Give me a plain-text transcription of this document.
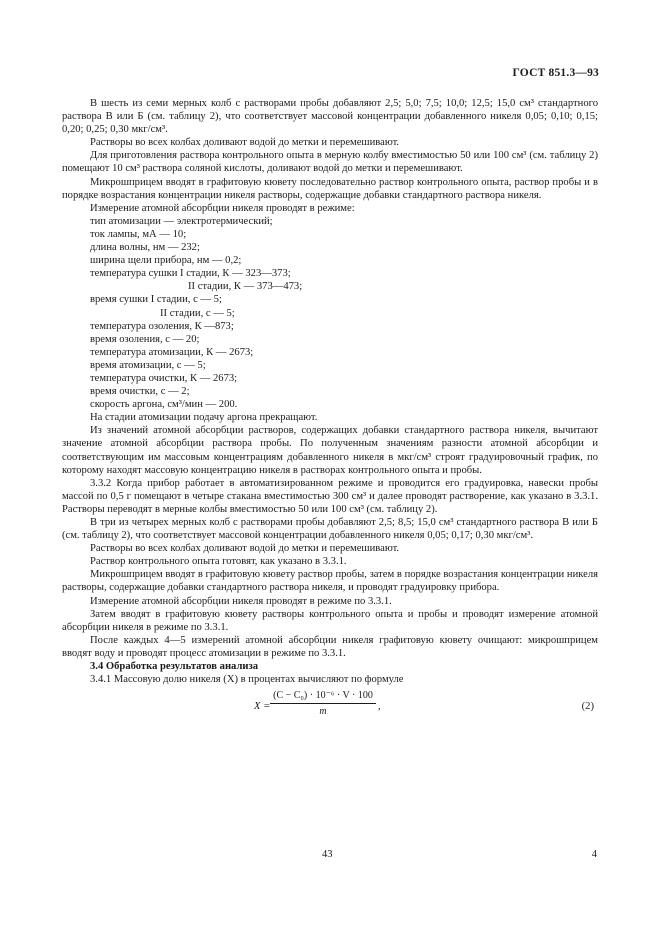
ГОСТ 851.3—93

В шесть из семи мерных колб с растворами пробы добавляют 2,5; 5,0; 7,5; 10,0; 12,5; 15,0 см³ стандартного раствора В или Б (см. таблицу 2), что соответствует массовой концентрации добавленного никеля 0,05; 0,10; 0,15; 0,20; 0,25; 0,30 мкг/см³.

Растворы во всех колбах доливают водой до метки и перемешивают.

Для приготовления раствора контрольного опыта в мерную колбу вместимостью 50 или 100 см³ (см. таблицу 2) помещают 10 см³ раствора соляной кислоты, доливают водой до метки и перемешивают.

Микрошприцем вводят в графитовую кювету последовательно раствор контрольного опыта, раствор пробы и в порядке возрастания концентрации никеля растворы, содержащие добавки стандартного раствора никеля.

Измерение атомной абсорбции никеля проводят в режиме:

тип атомизации — электротермический;

ток лампы, мА — 10;

длина волны, нм — 232;

ширина щели прибора, нм — 0,2;

температура сушки I стадии, К — 323—373;

II стадии, К — 373—473;

время сушки I стадии, с — 5;

II стадии, с — 5;

температура озоления, К —873;

время озоления, с — 20;

температура атомизации, К — 2673;

время атомизации, с — 5;

температура очистки, К — 2673;

время очистки, с — 2;

скорость аргона, см³/мин — 200.

На стадии атомизации подачу аргона прекращают.

Из значений атомной абсорбции растворов, содержащих добавки стандартного раствора никеля, вычитают значение атомной абсорбции раствора пробы. По полученным значениям разности атомной абсорбции и соответствующим им массовым концентрациям добавленного никеля в мкг/см³ строят градуировочный график, по которому находят массовую концентрацию никеля в растворах контрольного опыта и пробы.

3.3.2 Когда прибор работает в автоматизированном режиме и проводится его градуировка, навески пробы массой по 0,5 г помещают в четыре стакана вместимостью 300 см³ и далее проводят растворение, как указано в 3.3.1. Растворы переводят в мерные колбы вместимостью 50 или 100 см³ (см. таблицу 2).

В три из четырех мерных колб с растворами пробы добавляют 2,5; 8,5; 15,0 см³ стандартного раствора В или Б (см. таблицу 2), что соответствует массовой концентрации добавленного никеля 0,05; 0,17; 0,30 мкг/см³.

Растворы во всех колбах доливают водой до метки и перемешивают.

Раствор контрольного опыта готовят, как указано в 3.3.1.

Микрошприцем вводят в графитовую кювету раствор пробы, затем в порядке возрастания концентрации никеля растворы, содержащие добавки стандартного раствора никеля, и проводят градуировку прибора.

Измерение атомной абсорбции никеля проводят в режиме по 3.3.1.

Затем вводят в графитовую кювету растворы контрольного опыта и пробы и проводят измерение атомной абсорбции никеля в режиме по 3.3.1.

После каждых 4—5 измерений атомной абсорбции никеля графитовую кювету очищают: микрошприцем вводят воду и проводят процесс атомизации в режиме по 3.3.1.

3.4 Обработка результатов анализа

3.4.1 Массовую долю никеля (X) в процентах вычисляют по формуле

$X = \frac{\text{(C − C₀) · 10⁻⁶ · V · 100}}{m}$ ,	(2)
43	4
